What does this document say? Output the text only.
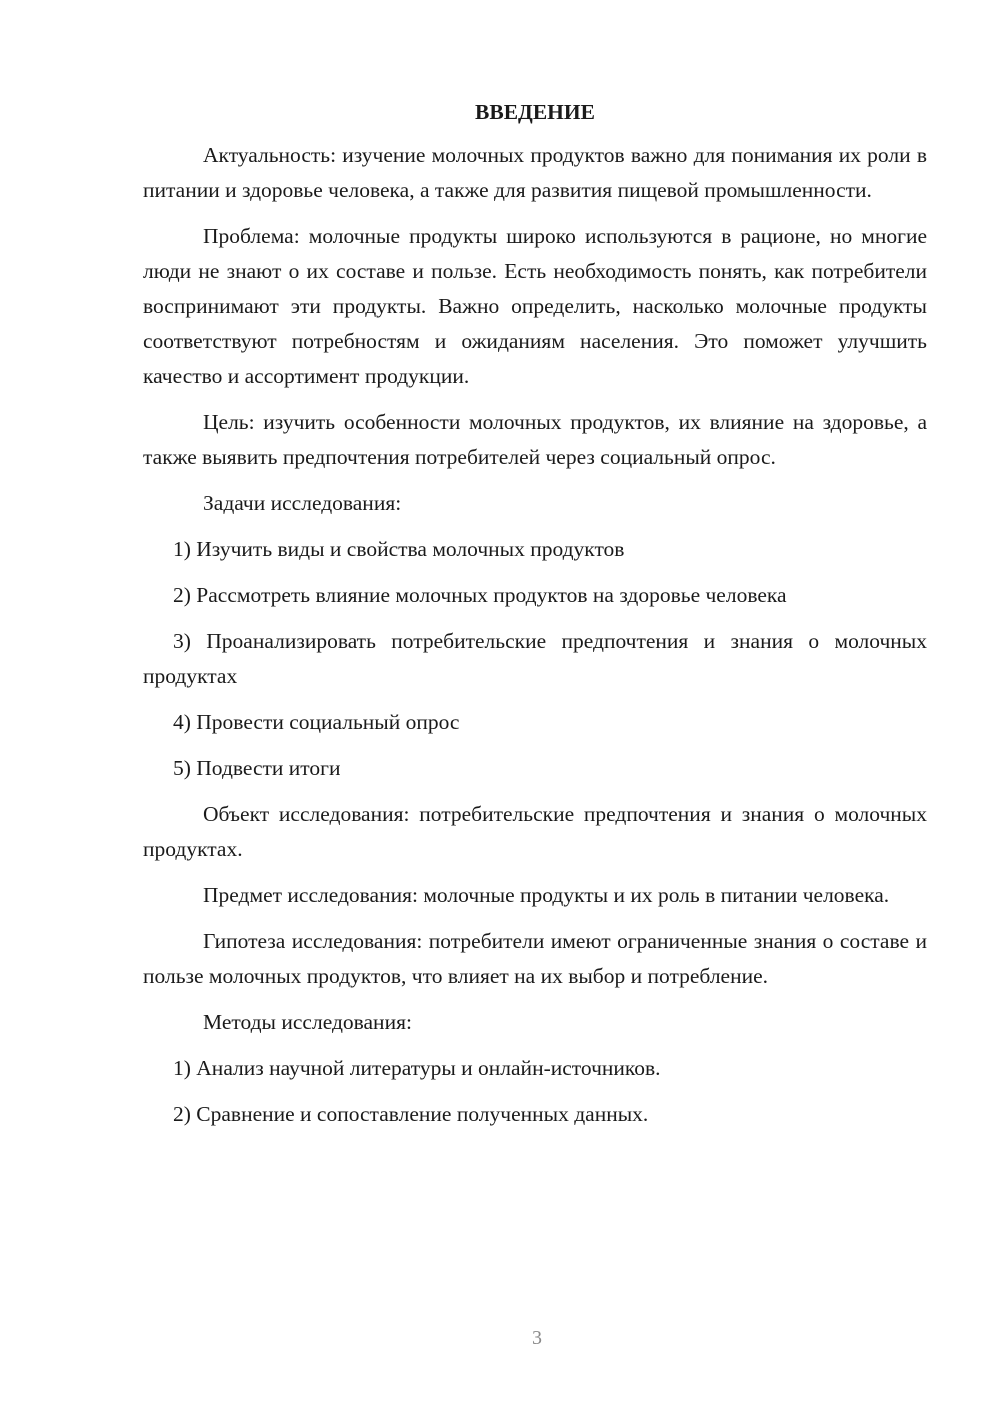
ВВЕДЕНИЕ

Актуальность: изучение молочных продуктов важно для понимания их роли в питании и здоровье человека, а также для развития пищевой промышленности.

Проблема: молочные продукты широко используются в рационе, но многие люди не знают о их составе и пользе. Есть необходимость понять, как потребители воспринимают эти продукты. Важно определить, насколько молочные продукты соответствуют потребностям и ожиданиям населения. Это поможет улучшить качество и ассортимент продукции.

Цель: изучить особенности молочных продуктов, их влияние на здоровье, а также выявить предпочтения потребителей через социальный опрос.

Задачи исследования:

1) Изучить виды и свойства молочных продуктов

2) Рассмотреть влияние молочных продуктов на здоровье человека

3) Проанализировать потребительские предпочтения и знания о молочных продуктах

4) Провести социальный опрос

5) Подвести итоги

Объект исследования: потребительские предпочтения и знания о молочных продуктах.

Предмет исследования: молочные продукты и их роль в питании человека.

Гипотеза исследования: потребители имеют ограниченные знания о составе и пользе молочных продуктов, что влияет на их выбор и потребление.

Методы исследования:

1) Анализ научной литературы и онлайн-источников.

2) Сравнение и сопоставление полученных данных.

3
